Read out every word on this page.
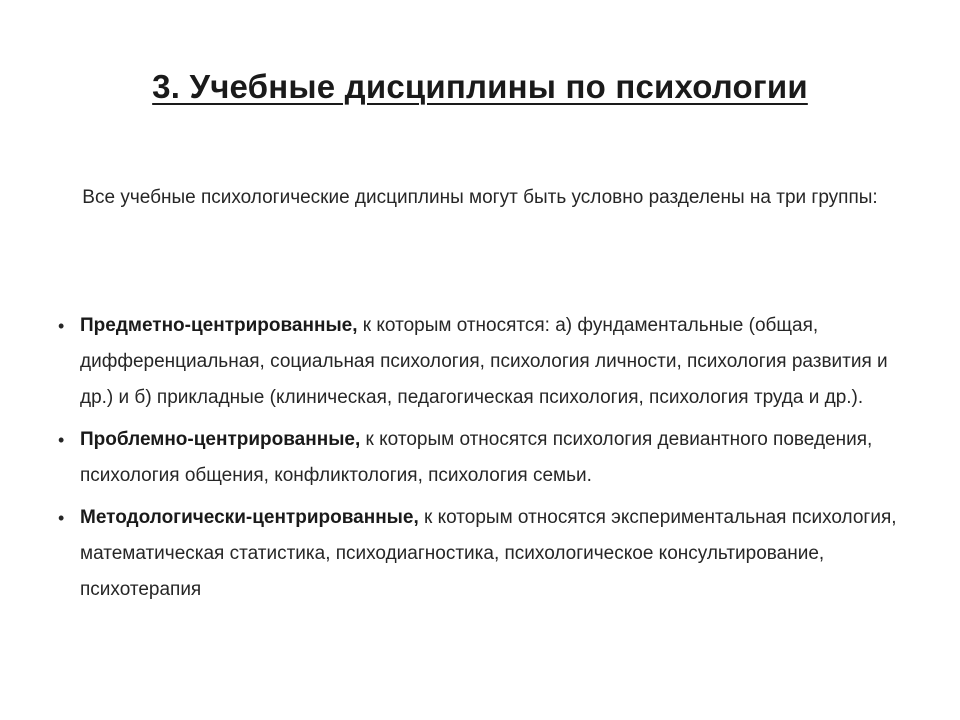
3. Учебные дисциплины по психологии
Все учебные психологические дисциплины могут быть условно разделены на три группы:
• Предметно-центрированные, к которым относятся: а) фундаментальные (общая, дифференциальная, социальная психология, психология личности, психология развития и др.) и б) прикладные (клиническая, педагогическая психология, психология труда и др.).
• Проблемно-центрированные, к которым относятся психология девиантного поведения, психология общения, конфликтология, психология семьи.
• Методологически-центрированные, к которым относятся экспериментальная психология, математическая статистика, психодиагностика, психологическое консультирование, психотерапия
